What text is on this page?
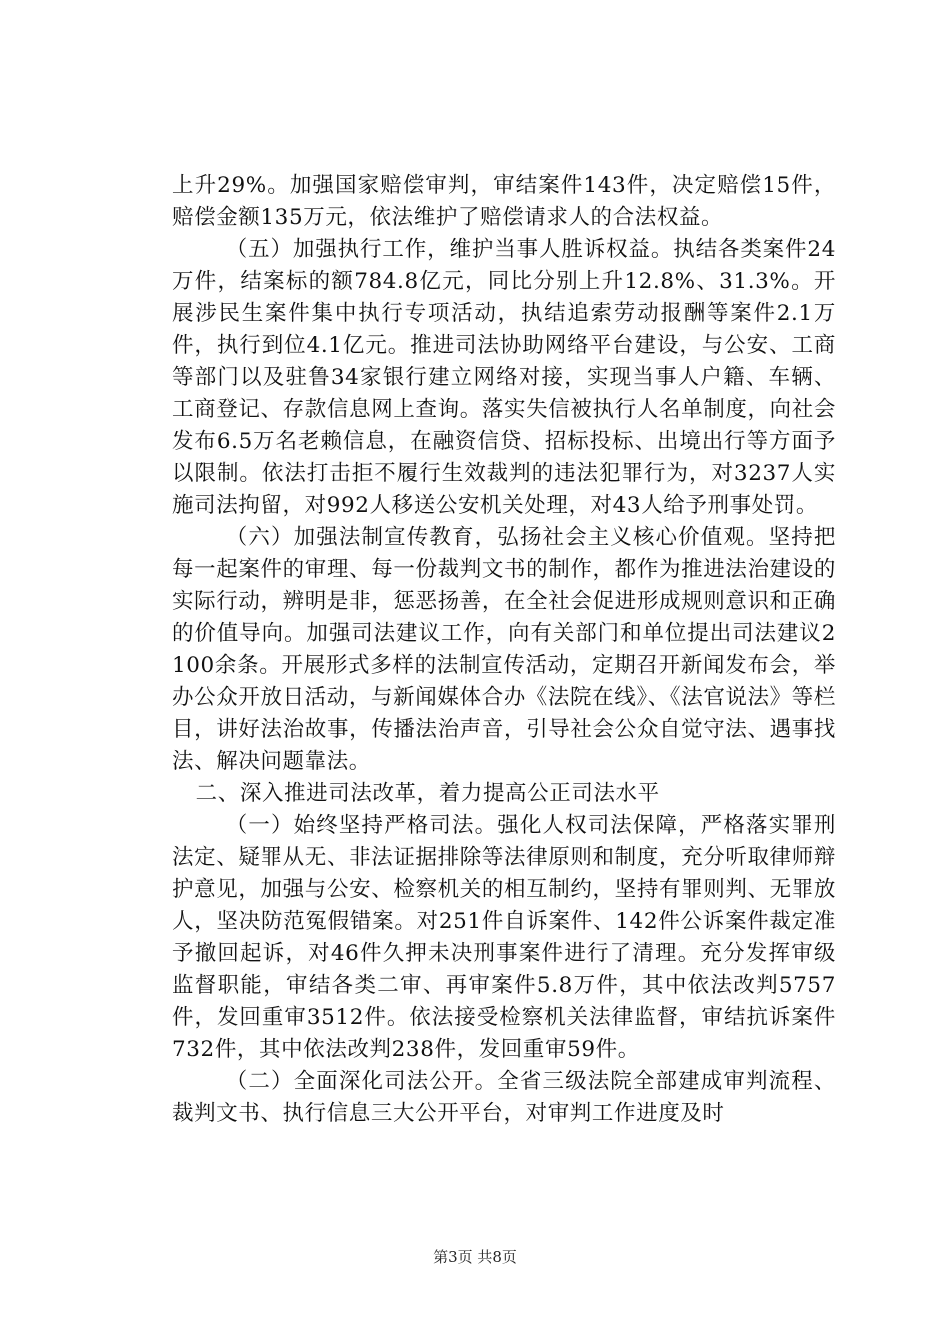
上升29%。加强国家赔偿审判，审结案件143件，决定赔偿15件，赔偿金额135万元，依法维护了赔偿请求人的合法权益。

（五）加强执行工作，维护当事人胜诉权益。执结各类案件24万件，结案标的额784.8亿元，同比分别上升12.8%、31.3%。开展涉民生案件集中执行专项活动，执结追索劳动报酬等案件2.1万件，执行到位4.1亿元。推进司法协助网络平台建设，与公安、工商等部门以及驻鲁34家银行建立网络对接，实现当事人户籍、车辆、工商登记、存款信息网上查询。落实失信被执行人名单制度，向社会发布6.5万名老赖信息，在融资信贷、招标投标、出境出行等方面予以限制。依法打击拒不履行生效裁判的违法犯罪行为，对3237人实施司法拘留，对992人移送公安机关处理，对43人给予刑事处罚。

（六）加强法制宣传教育，弘扬社会主义核心价值观。坚持把每一起案件的审理、每一份裁判文书的制作，都作为推进法治建设的实际行动，辨明是非，惩恶扬善，在全社会促进形成规则意识和正确的价值导向。加强司法建议工作，向有关部门和单位提出司法建议2100余条。开展形式多样的法制宣传活动，定期召开新闻发布会，举办公众开放日活动，与新闻媒体合办《法院在线》、《法官说法》等栏目，讲好法治故事，传播法治声音，引导社会公众自觉守法、遇事找法、解决问题靠法。

二、深入推进司法改革，着力提高公正司法水平

（一）始终坚持严格司法。强化人权司法保障，严格落实罪刑法定、疑罪从无、非法证据排除等法律原则和制度，充分听取律师辩护意见，加强与公安、检察机关的相互制约，坚持有罪则判、无罪放人，坚决防范冤假错案。对251件自诉案件、142件公诉案件裁定准予撤回起诉，对46件久押未决刑事案件进行了清理。充分发挥审级监督职能，审结各类二审、再审案件5.8万件，其中依法改判5757件，发回重审3512件。依法接受检察机关法律监督，审结抗诉案件732件，其中依法改判238件，发回重审59件。

（二）全面深化司法公开。全省三级法院全部建成审判流程、裁判文书、执行信息三大公开平台，对审判工作进度及时

第3页 共8页
